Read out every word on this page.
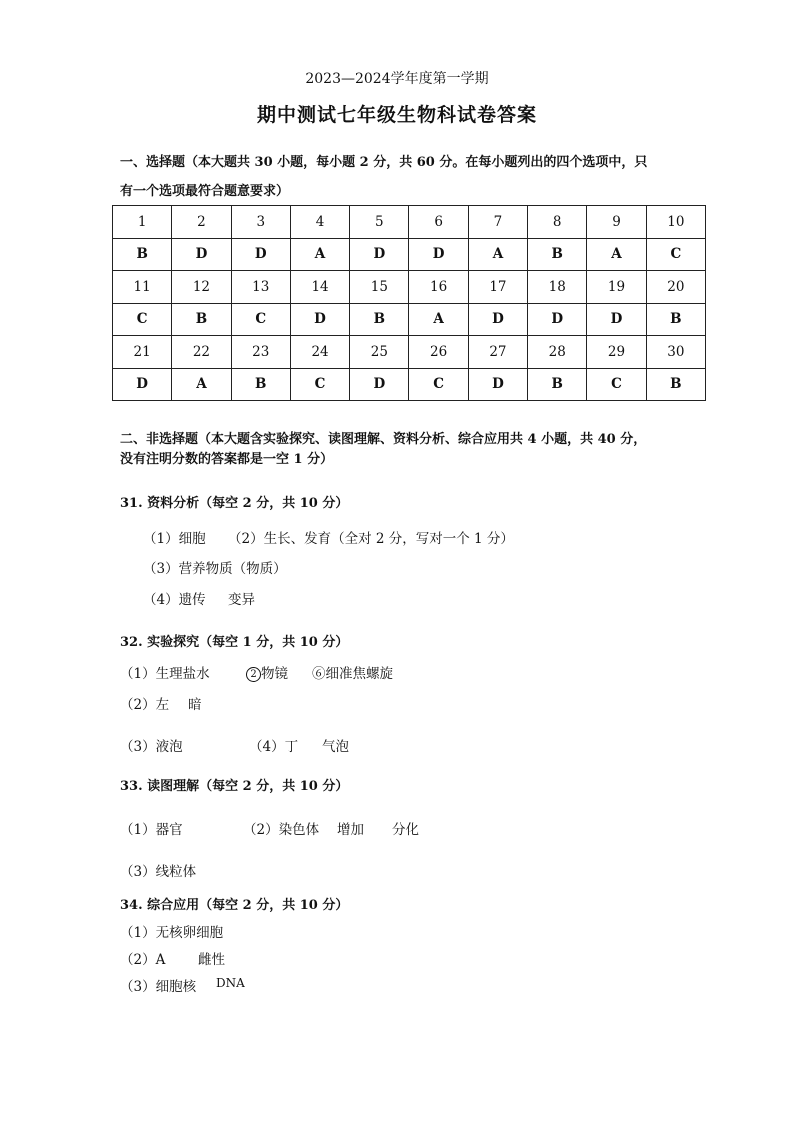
2023—2024学年度第一学期
期中测试七年级生物科试卷答案
一、选择题（本大题共 30 小题，每小题 2 分，共 60 分。在每小题列出的四个选项中，只
有一个选项最符合题意要求）
1	2	3	4	5	6	7	8	9	10
B	D	D	A	D	D	A	B	A	C
11	12	13	14	15	16	17	18	19	20
C	B	C	D	B	A	D	D	D	B
21	22	23	24	25	26	27	28	29	30
D	A	B	C	D	C	D	B	C	B
二、非选择题（本大题含实验探究、读图理解、资料分析、综合应用共 4 小题，共 40 分，
没有注明分数的答案都是一空 1 分）
31. 资料分析（每空 2 分，共 10 分）
（1）细胞 （2）生长、发育（全对 2 分，写对一个 1 分）
（3）营养物质（物质）
（4）遗传 变异
32. 实验探究（每空 1 分，共 10 分）
（1）生理盐水	2 物镜 ⑥细准焦螺旋
（2）左 暗
（3）液泡	（4）丁 气泡
33. 读图理解（每空 2 分，共 10 分）
（1）器官	（2）染色体 增加 分化
（3）线粒体
34. 综合应用（每空 2 分，共 10 分）
（1）无核卵细胞
（2）A 雌性
（3）细胞核 DNA
